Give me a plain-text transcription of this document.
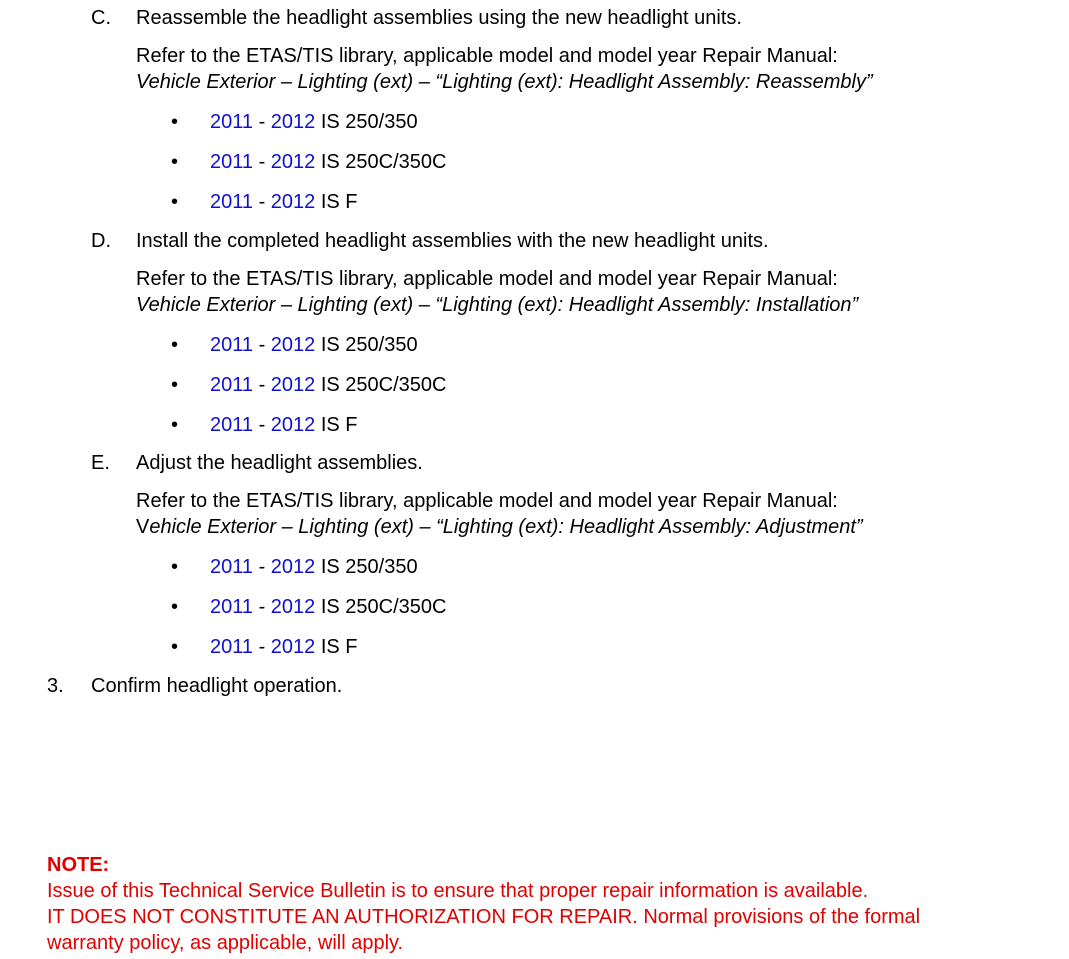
C. Reassemble the headlight assemblies using the new headlight units.
Refer to the ETAS/TIS library, applicable model and model year Repair Manual:
Vehicle Exterior – Lighting (ext) – “Lighting (ext): Headlight Assembly: Reassembly”
• 2011 - 2012 IS 250/350
• 2011 - 2012 IS 250C/350C
• 2011 - 2012 IS F
D. Install the completed headlight assemblies with the new headlight units.
Refer to the ETAS/TIS library, applicable model and model year Repair Manual:
Vehicle Exterior – Lighting (ext) – “Lighting (ext): Headlight Assembly: Installation”
• 2011 - 2012 IS 250/350
• 2011 - 2012 IS 250C/350C
• 2011 - 2012 IS F
E. Adjust the headlight assemblies.
Refer to the ETAS/TIS library, applicable model and model year Repair Manual:
Vehicle Exterior – Lighting (ext) – “Lighting (ext): Headlight Assembly: Adjustment”
• 2011 - 2012 IS 250/350
• 2011 - 2012 IS 250C/350C
• 2011 - 2012 IS F
3. Confirm headlight operation.
NOTE:
Issue of this Technical Service Bulletin is to ensure that proper repair information is available.
IT DOES NOT CONSTITUTE AN AUTHORIZATION FOR REPAIR. Normal provisions of the formal
warranty policy, as applicable, will apply.
